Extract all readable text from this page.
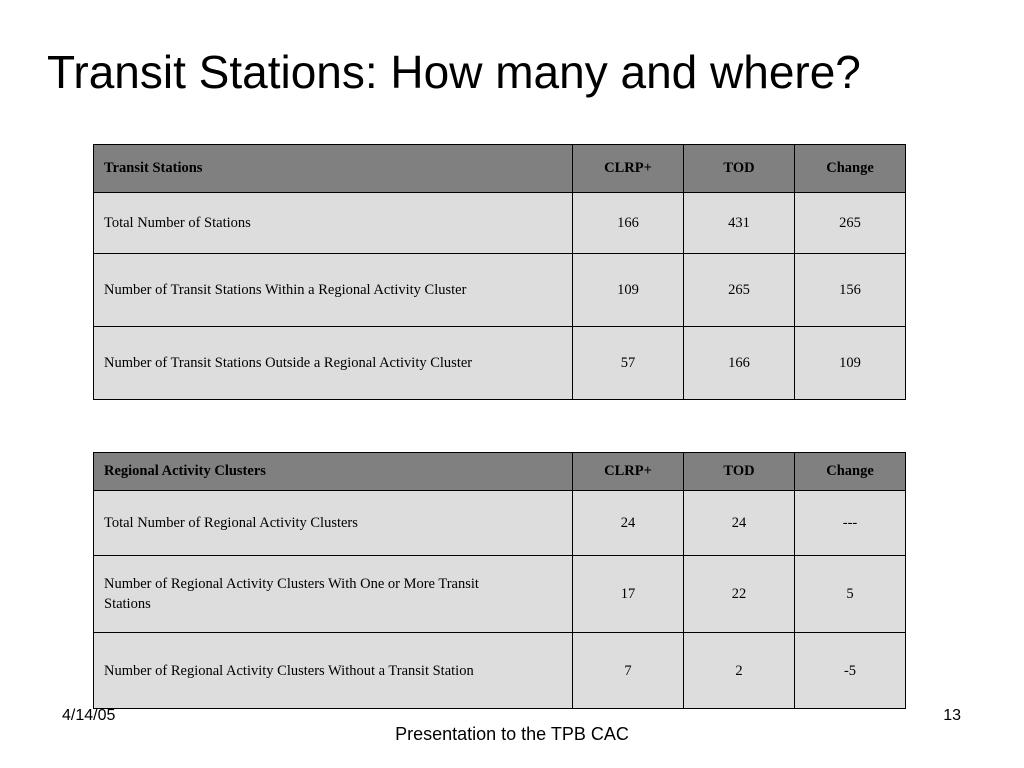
Transit Stations: How many and where?
Transit Stations	CLRP+	TOD	Change
Total Number of Stations	166	431	265
Number of Transit Stations Within a Regional Activity Cluster	109	265	156
Number of Transit Stations Outside a Regional Activity Cluster	57	166	109
Regional Activity Clusters	CLRP+	TOD	Change
Total Number of Regional Activity Clusters	24	24	---
Number of Regional Activity Clusters With One or More Transit Stations	17	22	5
Number of Regional Activity Clusters Without a Transit Station	7	2	-5
4/14/05
Presentation to the TPB CAC
13
